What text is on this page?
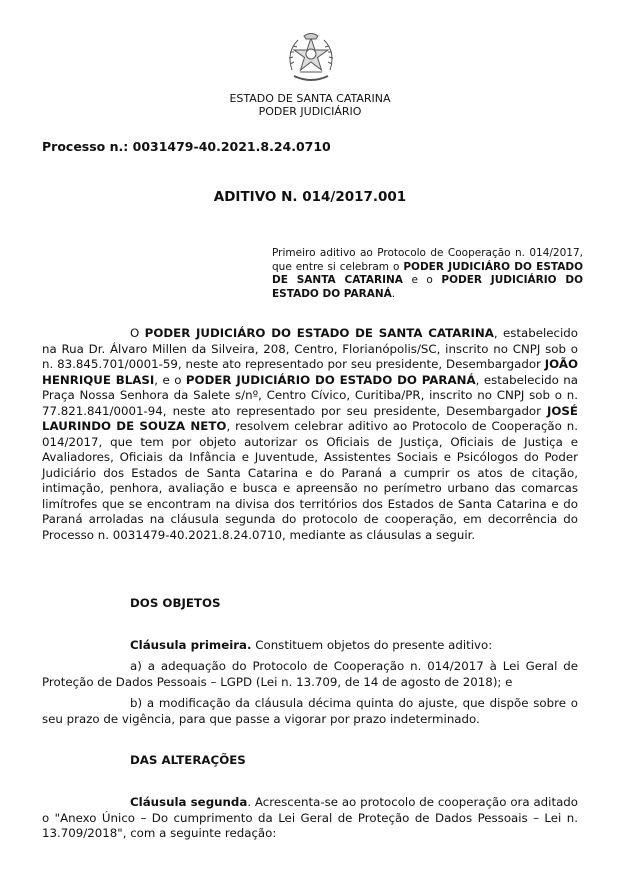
ESTADO DE SANTA CATARINA
PODER JUDICIÁRIO
Processo n.: 0031479-40.2021.8.24.0710
ADITIVO N. 014/2017.001
Primeiro aditivo ao Protocolo de Cooperação n. 014/2017, que entre si celebram o PODER JUDICIÁRO DO ESTADO DE SANTA CATARINA e o PODER JUDICIÁRIO DO ESTADO DO PARANÁ.
O PODER JUDICIÁRO DO ESTADO DE SANTA CATARINA, estabelecido na Rua Dr. Álvaro Millen da Silveira, 208, Centro, Florianópolis/SC, inscrito no CNPJ sob o n. 83.845.701/0001-59, neste ato representado por seu presidente, Desembargador JOÃO HENRIQUE BLASI, e o PODER JUDICIÁRIO DO ESTADO DO PARANÁ, estabelecido na Praça Nossa Senhora da Salete s/nº, Centro Cívico, Curitiba/PR, inscrito no CNPJ sob o n. 77.821.841/0001-94, neste ato representado por seu presidente, Desembargador JOSÉ LAURINDO DE SOUZA NETO, resolvem celebrar aditivo ao Protocolo de Cooperação n. 014/2017, que tem por objeto autorizar os Oficiais de Justiça, Oficiais de Justiça e Avaliadores, Oficiais da Infância e Juventude, Assistentes Sociais e Psicólogos do Poder Judiciário dos Estados de Santa Catarina e do Paraná a cumprir os atos de citação, intimação, penhora, avaliação e busca e apreensão no perímetro urbano das comarcas limítrofes que se encontram na divisa dos territórios dos Estados de Santa Catarina e do Paraná arroladas na cláusula segunda do protocolo de cooperação, em decorrência do Processo n. 0031479-40.2021.8.24.0710, mediante as cláusulas a seguir.
DOS OBJETOS
Cláusula primeira. Constituem objetos do presente aditivo:
a) a adequação do Protocolo de Cooperação n. 014/2017 à Lei Geral de Proteção de Dados Pessoais – LGPD (Lei n. 13.709, de 14 de agosto de 2018); e
b) a modificação da cláusula décima quinta do ajuste, que dispõe sobre o seu prazo de vigência, para que passe a vigorar por prazo indeterminado.
DAS ALTERAÇÕES
Cláusula segunda. Acrescenta-se ao protocolo de cooperação ora aditado o "Anexo Único – Do cumprimento da Lei Geral de Proteção de Dados Pessoais – Lei n. 13.709/2018", com a seguinte redação:
